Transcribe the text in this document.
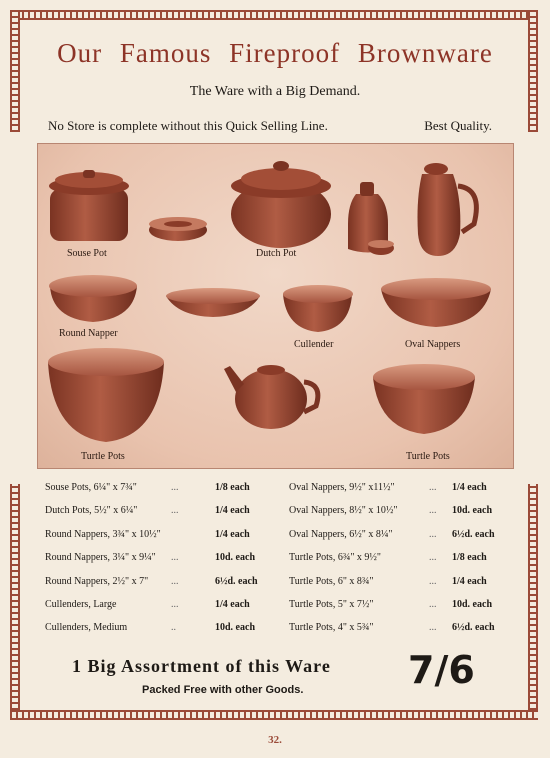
Our Famous Fireproof Brownware
The Ware with a Big Demand.
No Store is complete without this Quick Selling Line.	Best Quality.
Souse Pot	Dutch Pot
Round Napper
Cullender	Oval Nappers
Turtle Pots	Turtle Pots
Souse Pots, 6¼" x 7¾"	...	1/8 each
Dutch Pots, 5½" x 6¼"	...	1/4 each
Round Nappers, 3¾" x 10½"	1/4 each
Round Nappers, 3¼" x 9¼" ...	10d. each
Round Nappers, 2½" x 7" ...	6½d. each
Cullenders, Large	...	1/4 each
Cullenders, Medium	..	10d. each
Oval Nappers, 9½" x11½"	... 1/4 each
Oval Nappers, 8½" x 10½"	... 10d. each
Oval Nappers, 6½" x 8¼"	... 6½d. each
Turtle Pots, 6¾" x 9½"	... 1/8 each
Turtle Pots, 6" x 8¾"	... 1/4 each
Turtle Pots, 5" x 7½"	... 10d. each
Turtle Pots, 4" x 5¾"	... 6½d. each
1 Big Assortment of this Ware 7/6
Packed Free with other Goods.
32.
